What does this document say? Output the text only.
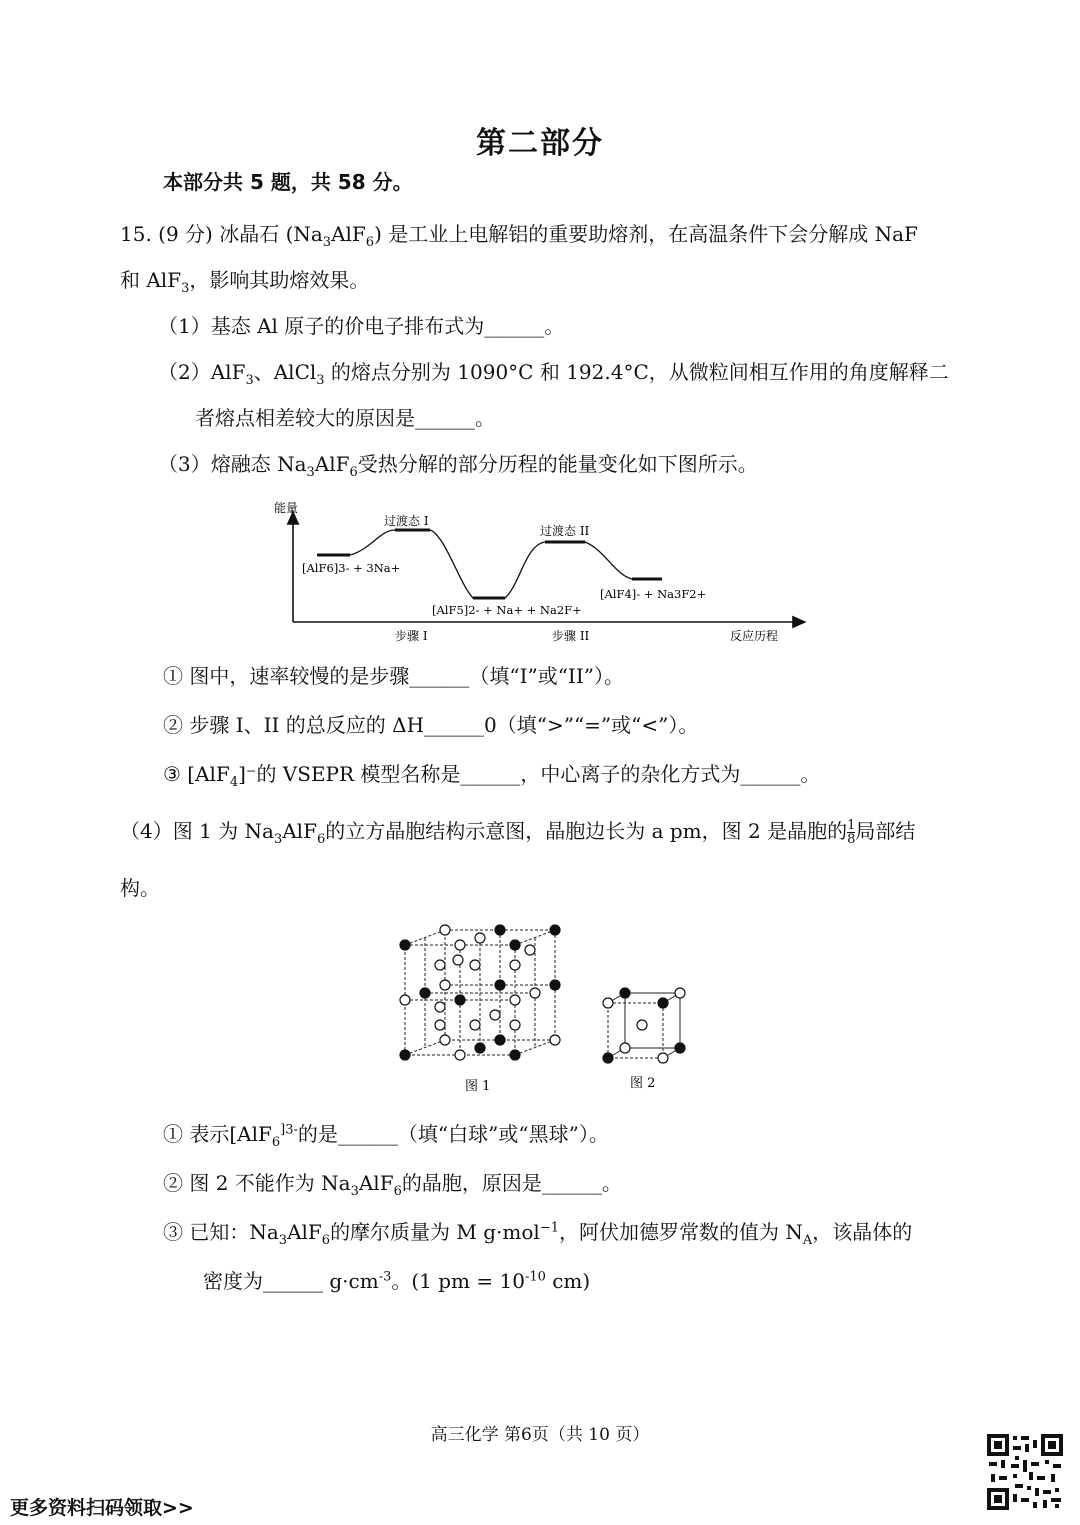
第二部分
本部分共 5 题，共 58 分。
15. (9 分) 冰晶石 $(Na_3AlF_6)$ 是工业上电解铝的重要助熔剂，在高温条件下会分解成 NaF
和 AlF$_3$，影响其助熔效果。
（1）基态 Al 原子的价电子排布式为______。
（2）AlF$_3$、AlCl$_3$ 的熔点分别为 1090°C 和 192.4°C，从微粒间相互作用的角度解释二
者熔点相差较大的原因是______。
（3）熔融态 $Na_3AlF_6$受热分解的部分历程的能量变化如下图所示。
能量
过渡态 I
过渡态 II
[AlF6]3- + 3Na+
[AlF5]2- + Na+ + Na2F+
[AlF4]- + Na3F2+
步骤 I	步骤 II	反应历程
① 图中，速率较慢的是步骤______（填“I”或“II”）。
② 步骤 I、II 的总反应的 ΔH______0（填“>”“=”或“<”）。
③ [AlF$_4$]⁻的 VSEPR 模型名称是______，中心离子的杂化方式为______。
（4）图 1 为 $Na_3AlF_6$的立方晶胞结构示意图，晶胞边长为 a pm，图 2 是晶胞的 $\frac{1}{8}$ 局部结
构。
图 1	图 2
① 表示[AlF$_6^{]3-}$的是______（填“白球”或“黑球”）。
② 图 2 不能作为 $Na_3AlF_6$的晶胞，原因是______。
③ 已知：$Na_3AlF_6$的摩尔质量为 M g·mol$^{-1}$，阿伏加德罗常数的值为 $N_A$，该晶体的
密度为______ $g\cdot cm^{-3}$。(1 pm = $10^{-10}$ cm)
高三化学 第6页（共 10 页）
更多资料扫码领取>>
